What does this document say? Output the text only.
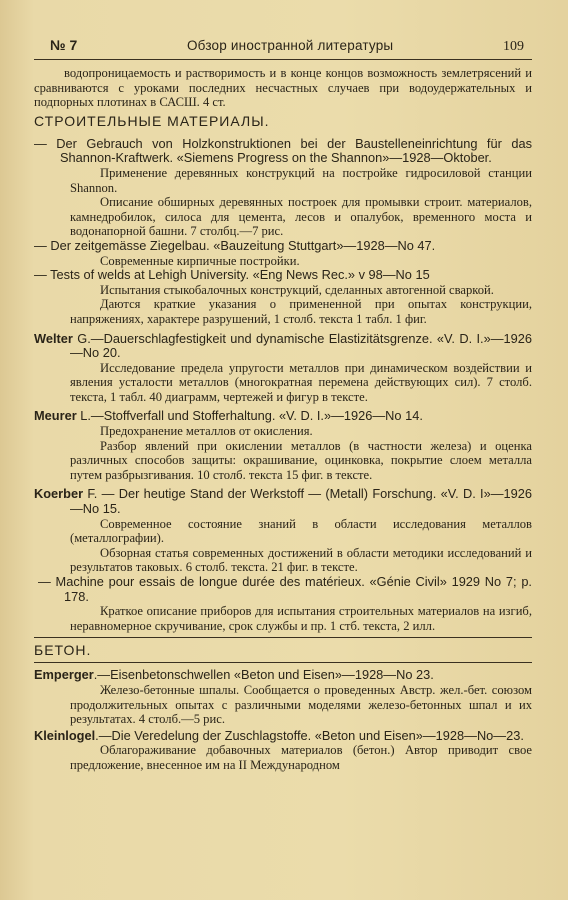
№ 7	Обзор иностранной литературы	109

водопроницаемость и растворимость и в конце концов возможность землетрясений и сравниваются с уроками последних несчастных случаев при водоудержательных и подпорных плотинах в САСШ. 4 ст.

СТРОИТЕЛЬНЫЕ МАТЕРИАЛЫ.

— Der Gebrauch von Holzkonstruktionen bei der Baustelleneinrichtung für das Shannon-Kraftwerk. «Siemens Progress on the Shannon»—1928—Oktober.

Применение деревянных конструкций на постройке гидросиловой станции Shannon.

Описание обширных деревянных построек для промывки строит. материалов, камнедробилок, силоса для цемента, лесов и опалубок, временного моста и водонапорной башни. 7 столбц.—7 рис.

— Der zeitgemässe Ziegelbau. «Bauzeitung Stuttgart»—1928—No 47.

Современные кирпичные постройки.

— Tests of welds at Lehigh University. «Eng News Rec.» v 98—No 15

Испытания стыкобалочных конструкций, сделанных автогенной сваркой.

Даются краткие указания о примененной при опытах конструкции, напряжениях, характере разрушений, 1 столб. текста 1 табл. 1 фиг.

Welter G.—Dauerschlagfestigkeit und dynamische Elastizitätsgrenze. «V. D. I.»—1926—No 20.

Исследование предела упругости металлов при динамическом воздействии и явления усталости металлов (многократная перемена действующих сил). 7 столб. текста, 1 табл. 40 диаграмм, чертежей и фигур в тексте.

Meurer L.—Stoffverfall und Stofferhaltung. «V. D. I.»—1926—No 14.

Предохранение металлов от окисления.

Разбор явлений при окислении металлов (в частности железа) и оценка различных способов защиты: окрашивание, оцинковка, покрытие слоем металла путем разбрызгивания. 10 столб. текста 15 фиг. в тексте.

Koerber F. — Der heutige Stand der Werkstoff — (Metall) Forschung. «V. D. I»—1926—No 15.

Современное состояние знаний в области исследования металлов (металлографии).

Обзорная статья современных достижений в области методики исследований и результатов таковых. 6 столб. текста. 21 фиг. в тексте.

— Machine pour essais de longue durée des matérieux. «Génie Civil» 1929 No 7; p. 178.

Краткое описание приборов для испытания строительных материалов на изгиб, неравномерное скручивание, срок службы и пр. 1 стб. текста, 2 илл.

БЕТОН.

Emperger.—Eisenbetonschwellen «Beton und Eisen»—1928—No 23.

Железо-бетонные шпалы. Сообщается о проведенных Австр. жел.-бет. союзом продолжительных опытах с различными моделями железо-бетонных шпал и их результатах. 4 столб.—5 рис.

Kleinlogel.—Die Veredelung der Zuschlagstoffe. «Beton und Eisen»—1928—No—23.

Облагораживание добавочных материалов (бетон.) Автор приводит свое предложение, внесенное им на II Международном
